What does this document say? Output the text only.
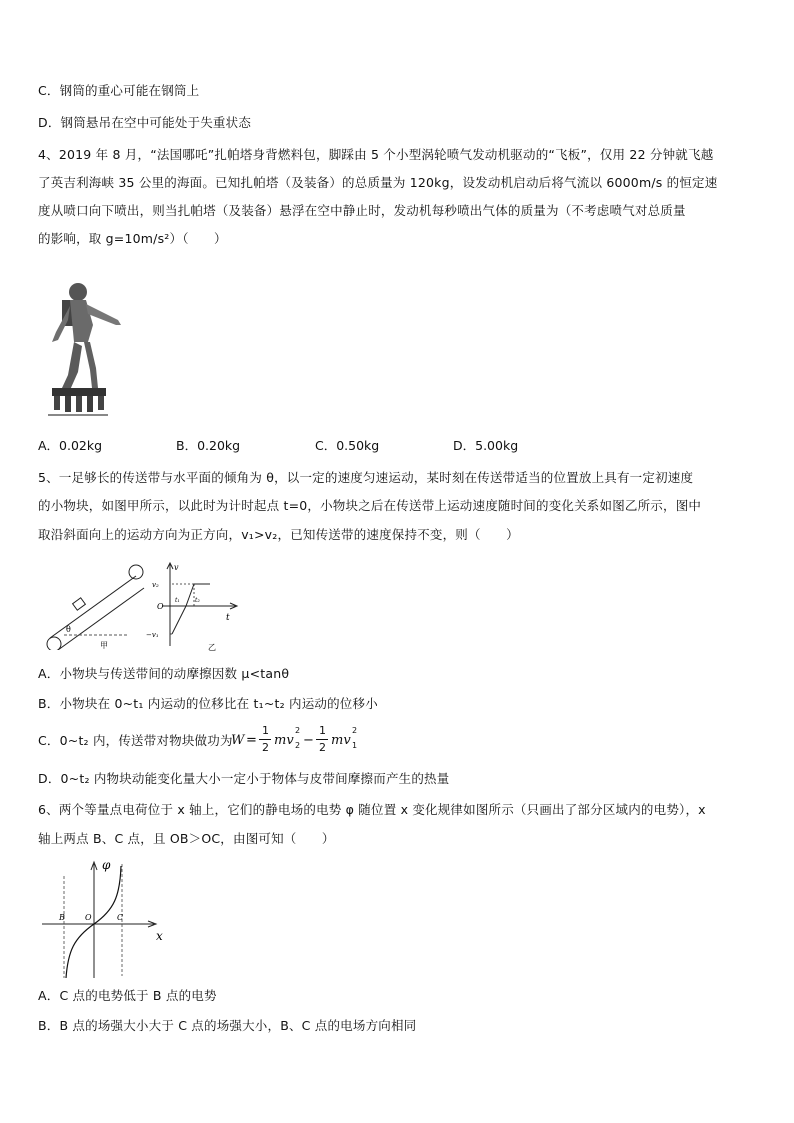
C．钢筒的重心可能在钢筒上
D．钢筒悬吊在空中可能处于失重状态
4、2019 年 8 月，“法国哪吒”扎帕塔身背燃料包，脚踩由 5 个小型涡轮喷气发动机驱动的“飞板”，仅用 22 分钟就飞越
了英吉利海峡 35 公里的海面。已知扎帕塔（及装备）的总质量为 120kg，设发动机启动后将气流以 6000m/s 的恒定速
度从喷口向下喷出，则当扎帕塔（及装备）悬浮在空中静止时，发动机每秒喷出气体的质量为（不考虑喷气对总质量
的影响，取 g=10m/s²）（　　）
A．0.02kg	B．0.20kg	C．0.50kg	D．5.00kg
5、一足够长的传送带与水平面的倾角为 θ，以一定的速度匀速运动，某时刻在传送带适当的位置放上具有一定初速度
的小物块，如图甲所示，以此时为计时起点 t=0，小物块之后在传送带上运动速度随时间的变化关系如图乙所示，图中
取沿斜面向上的运动方向为正方向，v₁>v₂，已知传送带的速度保持不变，则（　　）
θ
甲
v
v₂
O
t₁	t₂
t
−v₁
乙
A．小物块与传送带间的动摩擦因数 μ<tanθ
B．小物块在 0~t₁ 内运动的位移比在 t₁~t₂ 内运动的位移小
C．0~t₂ 内，传送带对物块做功为
W =
1
2 mv
2
2 −
1
2 mv
2
1
D．0~t₂ 内物块动能变化量大小一定小于物体与皮带间摩擦而产生的热量
6、两个等量点电荷位于 x 轴上，它们的静电场的电势 φ 随位置 x 变化规律如图所示（只画出了部分区域内的电势），x
轴上两点 B、C 点，且 OB＞OC，由图可知（　　）
φ
x
B	O	C
A．C 点的电势低于 B 点的电势
B．B 点的场强大小大于 C 点的场强大小，B、C 点的电场方向相同
